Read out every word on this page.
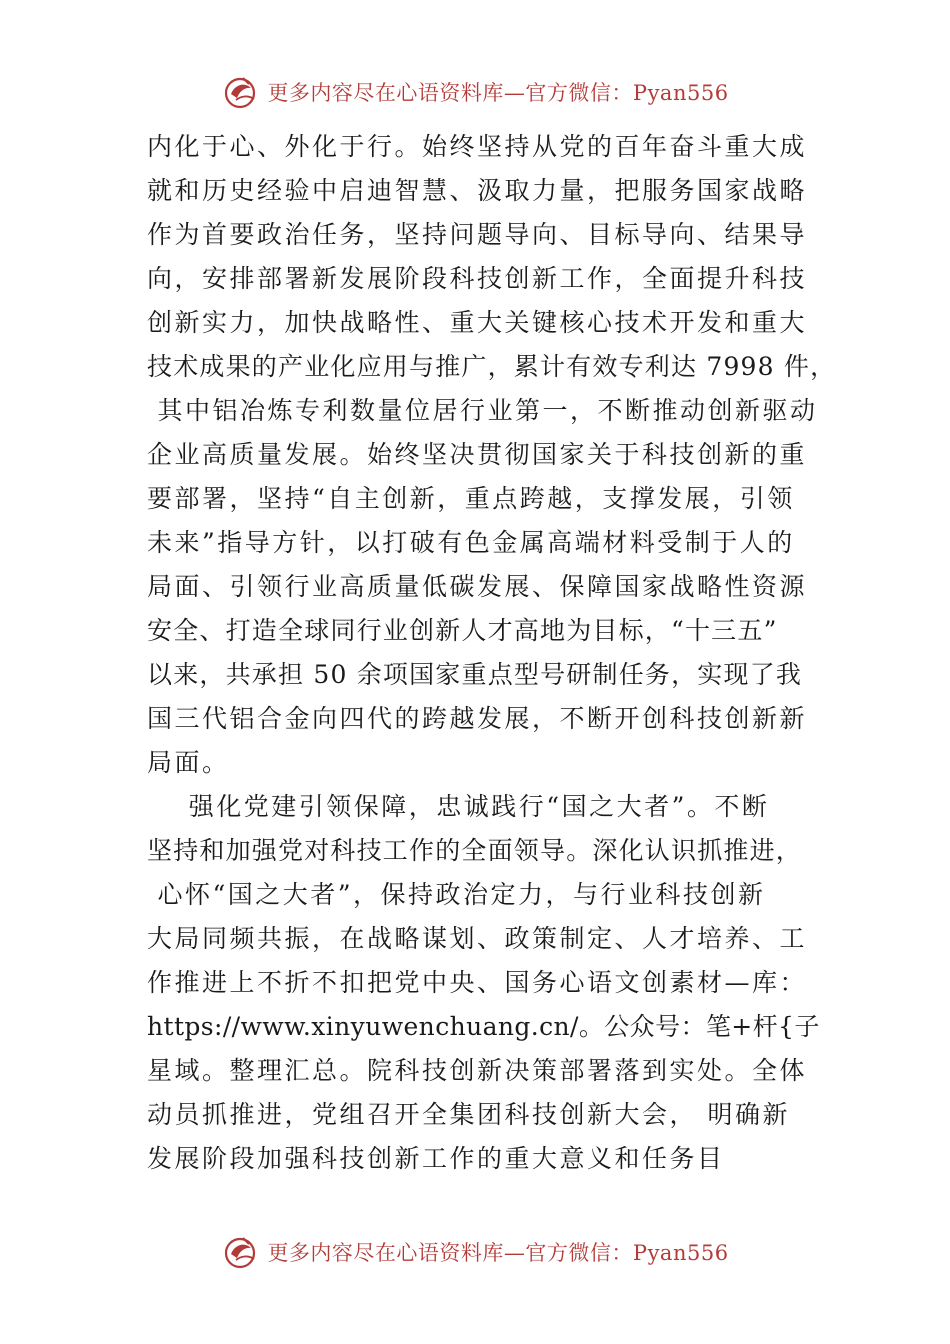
更多内容尽在心语资料库—官方微信：Pyan556
内化于心、外化于行。始终坚持从党的百年奋斗重大成
就和历史经验中启迪智慧、汲取力量，把服务国家战略
作为首要政治任务，坚持问题导向、目标导向、结果导
向，安排部署新发展阶段科技创新工作，全面提升科技
创新实力，加快战略性、重大关键核心技术开发和重大
技术成果的产业化应用与推广，累计有效专利达 7998 件，
其中铝冶炼专利数量位居行业第一，不断推动创新驱动
企业高质量发展。始终坚决贯彻国家关于科技创新的重
要部署，坚持“自主创新，重点跨越，支撑发展，引领
未来”指导方针，以打破有色金属高端材料受制于人的
局面、引领行业高质量低碳发展、保障国家战略性资源
安全、打造全球同行业创新人才高地为目标，“十三五”
以来，共承担 50 余项国家重点型号研制任务，实现了我
国三代铝合金向四代的跨越发展，不断开创科技创新新
局面。
强化党建引领保障，忠诚践行“国之大者”。不断
坚持和加强党对科技工作的全面领导。深化认识抓推进，
心怀“国之大者”，保持政治定力，与行业科技创新
大局同频共振，在战略谋划、政策制定、人才培养、工
作推进上不折不扣把党中央、国务心语文创素材—库：
https://www.xinyuwenchuang.cn/。公众号：笔+杆{子
星域。整理汇总。院科技创新决策部署落到实处。全体
动员抓推进，党组召开全集团科技创新大会， 明确新
发展阶段加强科技创新工作的重大意义和任务目
更多内容尽在心语资料库—官方微信：Pyan556
